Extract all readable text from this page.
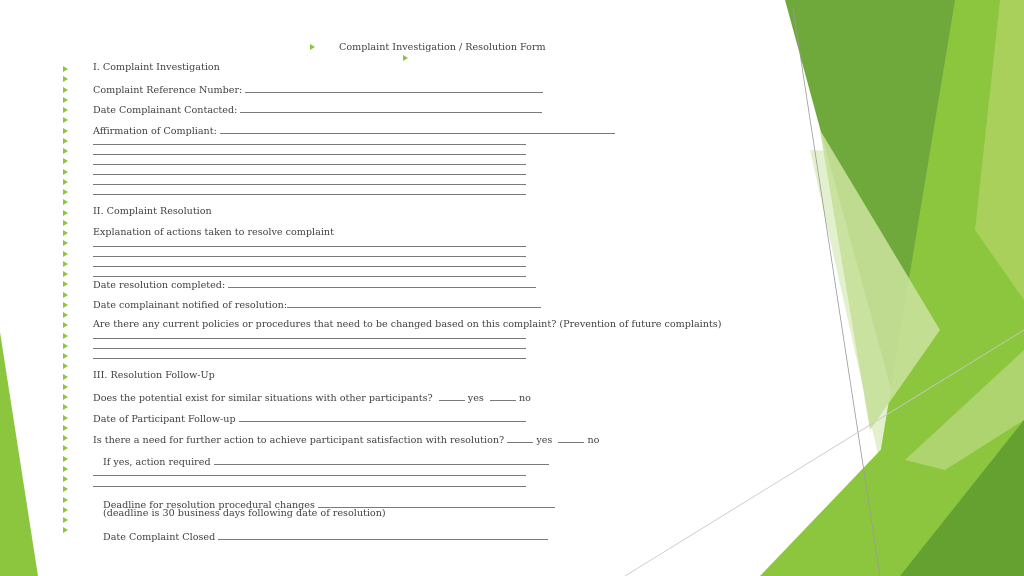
Complaint Investigation / Resolution Form
I. Complaint Investigation
Complaint Reference Number:
Date Complainant Contacted:
Affirmation of Compliant:
II. Complaint Resolution
Explanation of actions taken to resolve complaint
Date resolution completed:
Date complainant notified of resolution:
Are there any current policies or procedures that need to be changed based on this complaint? (Prevention of future complaints)
III. Resolution Follow-Up
Does the potential exist for similar situations with other participants?	yes	no
Date of Participant Follow-up
Is there a need for further action to achieve participant satisfaction with resolution?	yes	no
If yes, action required
Deadline for resolution procedural changes
(deadline is 30 business days following date of resolution)
Date Complaint Closed
